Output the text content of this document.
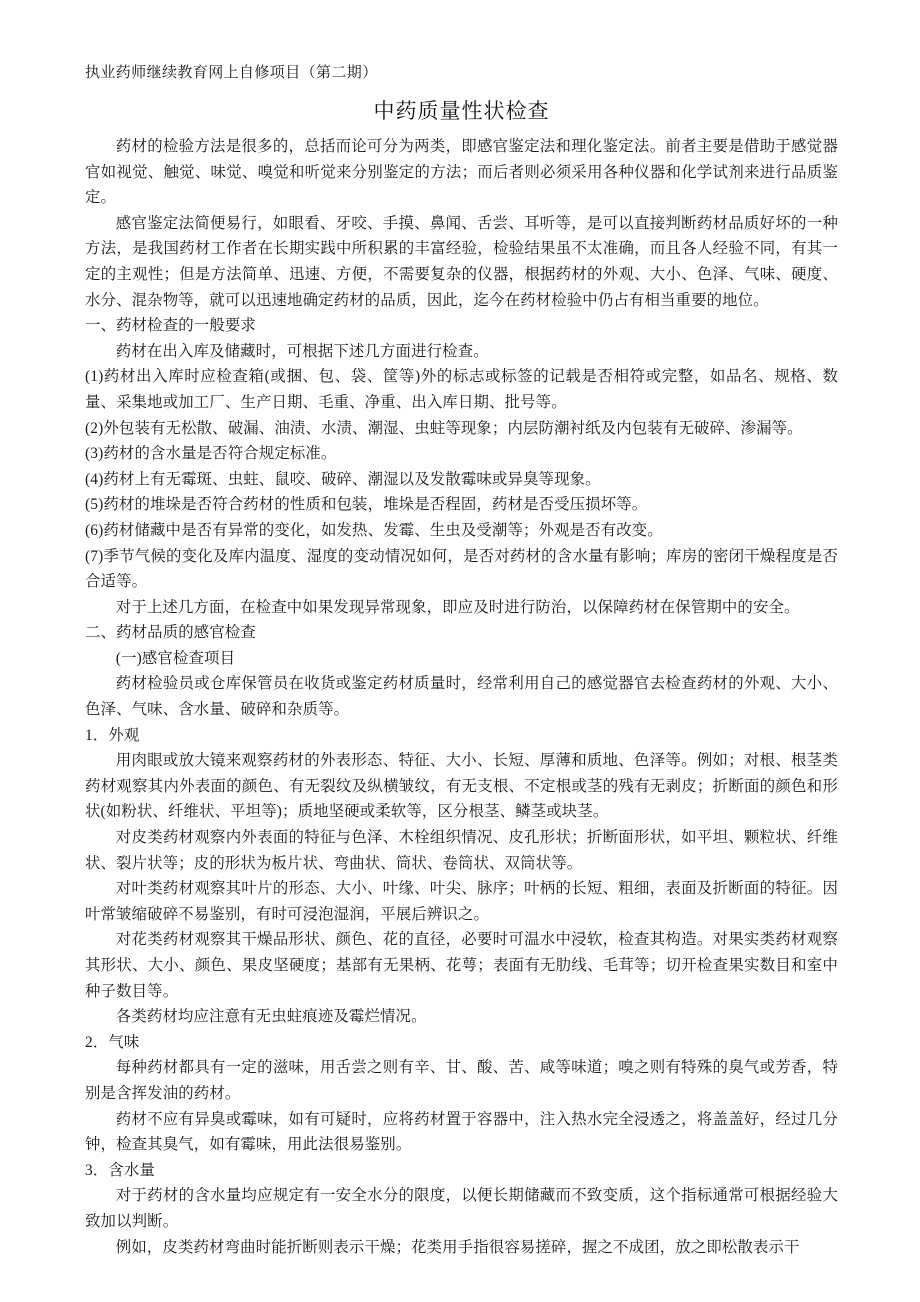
执业药师继续教育网上自修项目（第二期）
中药质量性状检查

药材的检验方法是很多的，总括而论可分为两类，即感官鉴定法和理化鉴定法。前者主要是借助于感觉器官如视觉、触觉、味觉、嗅觉和听觉来分别鉴定的方法；而后者则必须采用各种仪器和化学试剂来进行品质鉴定。

感官鉴定法简便易行，如眼看、牙咬、手摸、鼻闻、舌尝、耳听等，是可以直接判断药材品质好坏的一种方法，是我国药材工作者在长期实践中所积累的丰富经验，检验结果虽不太准确，而且各人经验不同，有其一定的主观性；但是方法简单、迅速、方便，不需要复杂的仪器，根据药材的外观、大小、色泽、气味、硬度、水分、混杂物等，就可以迅速地确定药材的品质，因此，迄今在药材检验中仍占有相当重要的地位。

一、药材检查的一般要求

药材在出入库及储藏时，可根据下述几方面进行检查。

(1)药材出入库时应检查箱(或捆、包、袋、筐等)外的标志或标签的记载是否相符或完整，如品名、规格、数量、采集地或加工厂、生产日期、毛重、净重、出入库日期、批号等。

(2)外包装有无松散、破漏、油渍、水渍、潮湿、虫蛀等现象；内层防潮衬纸及内包装有无破碎、渗漏等。

(3)药材的含水量是否符合规定标准。

(4)药材上有无霉斑、虫蛀、鼠咬、破碎、潮湿以及发散霉味或异臭等现象。

(5)药材的堆垛是否符合药材的性质和包装，堆垛是否程固，药材是否受压损坏等。

(6)药材储藏中是否有异常的变化，如发热、发霉、生虫及受潮等；外观是否有改变。

(7)季节气候的变化及库内温度、湿度的变动情况如何，是否对药材的含水量有影响；库房的密闭干燥程度是否合适等。

对于上述几方面，在检查中如果发现异常现象，即应及时进行防治，以保障药材在保管期中的安全。

二、药材品质的感官检查

(一)感官检查项目

药材检验员或仓库保管员在收货或鉴定药材质量时，经常利用自己的感觉器官去检查药材的外观、大小、色泽、气味、含水量、破碎和杂质等。

1．外观

用肉眼或放大镜来观察药材的外表形态、特征、大小、长短、厚薄和质地、色泽等。例如；对根、根茎类药材观察其内外表面的颜色、有无裂纹及纵横皱纹，有无支根、不定根或茎的残有无剥皮；折断面的颜色和形状(如粉状、纤维状、平坦等)；质地坚硬或柔软等，区分根茎、鳞茎或块茎。

对皮类药材观察内外表面的特征与色泽、木栓组织情况、皮孔形状；折断面形状，如平坦、颗粒状、纤维状、裂片状等；皮的形状为板片状、弯曲状、筒状、卷筒状、双筒状等。

对叶类药材观察其叶片的形态、大小、叶缘、叶尖、脉序；叶柄的长短、粗细，表面及折断面的特征。因叶常皱缩破碎不易鉴别，有时可浸泡湿润，平展后辨识之。

对花类药材观察其干燥品形状、颜色、花的直径，必要时可温水中浸软，检查其构造。对果实类药材观察其形状、大小、颜色、果皮坚硬度；基部有无果柄、花萼；表面有无肋线、毛茸等；切开检查果实数目和室中种子数目等。

各类药材均应注意有无虫蛀痕迹及霉烂情况。

2．气味

每种药材都具有一定的滋味，用舌尝之则有辛、甘、酸、苦、咸等味道；嗅之则有特殊的臭气或芳香，特别是含挥发油的药材。

药材不应有异臭或霉味，如有可疑时，应将药材置于容器中，注入热水完全浸透之，将盖盖好，经过几分钟，检查其臭气，如有霉味，用此法很易鉴别。

3．含水量

对于药材的含水量均应规定有一安全水分的限度，以便长期储藏而不致变质，这个指标通常可根据经验大致加以判断。

例如，皮类药材弯曲时能折断则表示干燥；花类用手指很容易搓碎，握之不成团，放之即松散表示干
